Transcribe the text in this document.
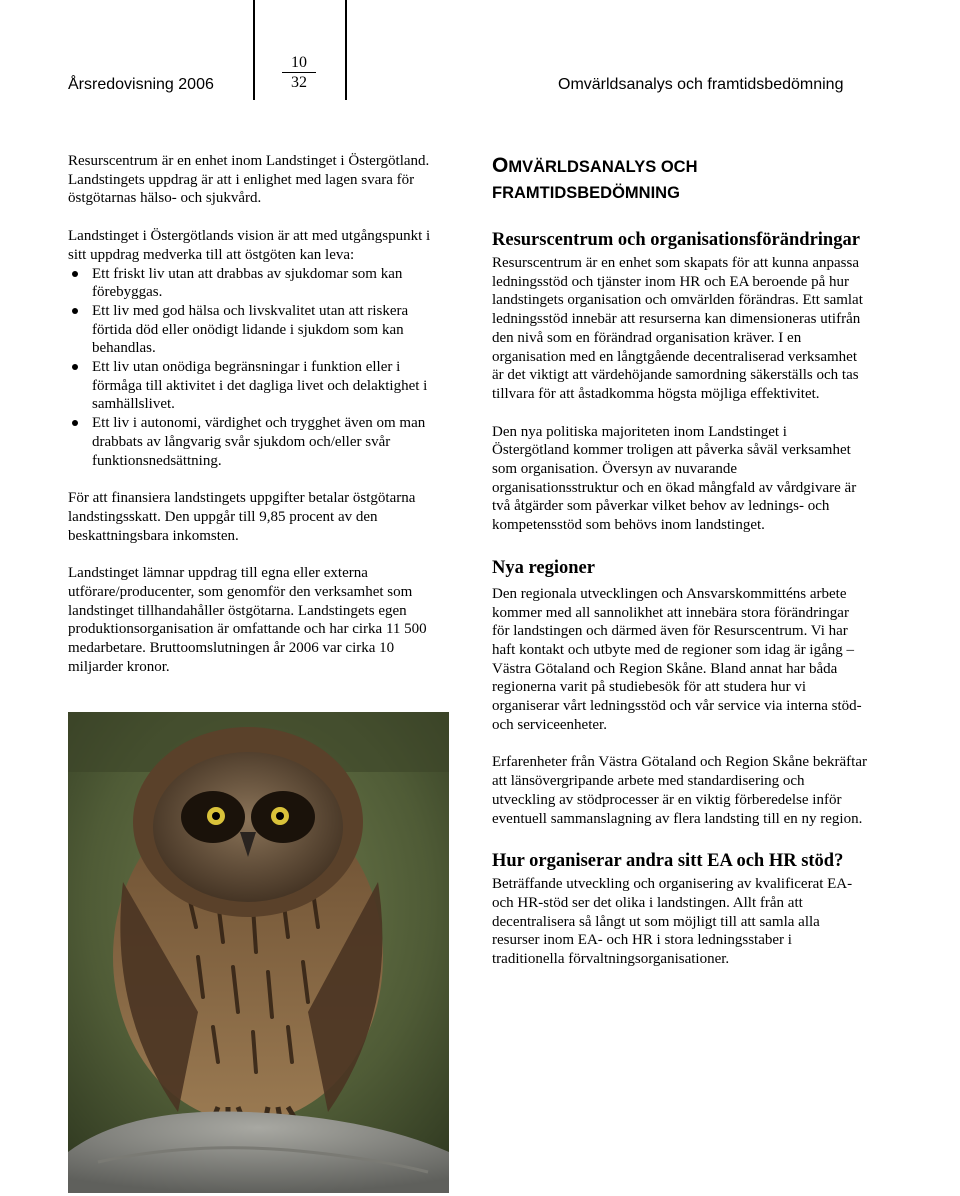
Årsredovisning 2006
10
32	Omvärldsanalys och framtidsbedömning

Resurscentrum är en enhet inom Landstinget i Östergötland. Landstingets uppdrag är att i enlighet med lagen svara för östgötarnas hälso- och sjukvård.

Landstinget i Östergötlands vision är att med utgångspunkt i sitt uppdrag medverka till att östgöten kan leva:

Ett friskt liv utan att drabbas av sjukdomar som kan förebyggas.
Ett liv med god hälsa och livskvalitet utan att riskera förtida död eller onödigt lidande i sjukdom som kan behandlas.
Ett liv utan onödiga begränsningar i funktion eller i förmåga till aktivitet i det dagliga livet och delaktighet i samhällslivet.
Ett liv i autonomi, värdighet och trygghet även om man drabbats av långvarig svår sjukdom och/eller svår funktionsnedsättning.

För att finansiera landstingets uppgifter betalar östgötarna landstingsskatt. Den uppgår till 9,85 procent av den beskattningsbara inkomsten.

Landstinget lämnar uppdrag till egna eller externa utförare/producenter, som genomför den verksamhet som landstinget tillhandahåller östgötarna. Landstingets egen produktionsorganisation är omfattande och har cirka 11 500 medarbetare. Bruttoomslutningen år 2006 var cirka 10 miljarder kronor.

OMVÄRLDSANALYS OCH
FRAMTIDSBEDÖMNING
Resurscentrum och organisationsförändringar

Resurscentrum är en enhet som skapats för att kunna anpassa ledningsstöd och tjänster inom HR och EA beroende på hur landstingets organisation och omvärlden förändras. Ett samlat ledningsstöd innebär att resurserna kan dimensioneras utifrån den nivå som en förändrad organisation kräver. I en organisation med en långtgående decentraliserad verksamhet är det viktigt att värdehöjande samordning säkerställs och tas tillvara för att åstadkomma högsta möjliga effektivitet.

Den nya politiska majoriteten inom Landstinget i Östergötland kommer troligen att påverka såväl verksamhet som organisation. Översyn av nuvarande organisationsstruktur och en ökad mångfald av vårdgivare är två åtgärder som påverkar vilket behov av lednings- och kompetensstöd som behövs inom landstinget.

Nya regioner

Den regionala utvecklingen och Ansvarskommitténs arbete kommer med all sannolikhet att innebära stora förändringar för landstingen och därmed även för Resurscentrum. Vi har haft kontakt och utbyte med de regioner som idag är igång – Västra Götaland och Region Skåne. Bland annat har båda regionerna varit på studiebesök för att studera hur vi organiserar vårt ledningsstöd och vår service via interna stöd- och serviceenheter.

Erfarenheter från Västra Götaland och Region Skåne bekräftar att länsövergripande arbete med standardisering och utveckling av stödprocesser är en viktig förberedelse inför eventuell sammanslagning av flera landsting till en ny region.

Hur organiserar andra sitt EA och HR stöd?

Beträffande utveckling och organisering av kvalificerat EA- och HR-stöd ser det olika i landstingen. Allt från att decentralisera så långt ut som möjligt till att samla alla resurser inom EA- och HR i stora ledningsstaber i traditionella förvaltningsorganisationer.
